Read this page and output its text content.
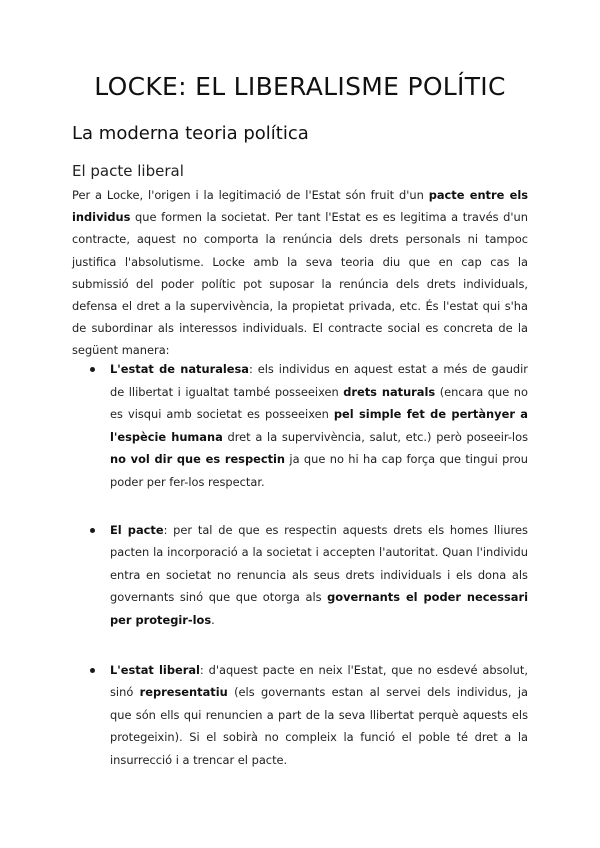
LOCKE: EL LIBERALISME POLÍTIC
La moderna teoria política
El pacte liberal

Per a Locke, l'origen i la legitimació de l'Estat són fruit d'un pacte entre els individus que formen la societat. Per tant l'Estat es es legitima a través d'un contracte, aquest no comporta la renúncia dels drets personals ni tampoc justifica l'absolutisme. Locke amb la seva teoria diu que en cap cas la submissió del poder polític pot suposar la renúncia dels drets individuals, defensa el dret a la supervivència, la propietat privada, etc. És l'estat qui s'ha de subordinar als interessos individuals. El contracte social es concreta de la següent manera:

L'estat de naturalesa: els individus en aquest estat a més de gaudir de llibertat i igualtat també posseeixen drets naturals (encara que no es visqui amb societat es posseeixen pel simple fet de pertànyer a l'espècie humana dret a la supervivència, salut, etc.) però poseeir-los no vol dir que es respectin ja que no hi ha cap força que tingui prou poder per fer-los respectar.
El pacte: per tal de que es respectin aquests drets els homes lliures pacten la incorporació a la societat i accepten l'autoritat. Quan l'individu entra en societat no renuncia als seus drets individuals i els dona als governants sinó que que otorga als governants el poder necessari per protegir-los.
L'estat liberal: d'aquest pacte en neix l'Estat, que no esdevé absolut, sinó representatiu (els governants estan al servei dels individus, ja que són ells qui renuncien a part de la seva llibertat perquè aquests els protegeixin). Si el sobirà no compleix la funció el poble té dret a la insurrecció i a trencar el pacte.
